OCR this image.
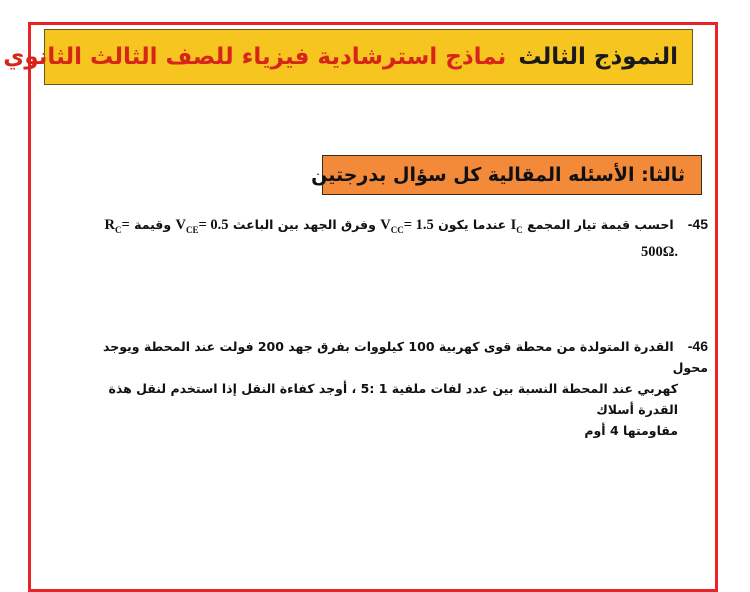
النموذج الثالث
نماذج استرشادية فيزياء للصف الثالث الثانوي
ثالثا: الأسئله المقالية كل سؤال بدرجتين
45- احسب قيمة تيار المجمع $I_C$ عندما يكون $V_{CC}= 1.5$ وفرق الجهد بين الباعث $V_{CE}= 0.5$ وقيمة $R_C=$
500Ω.
46- القدرة المتولدة من محطة قوى كهربية 100 كيلووات بفرق جهد 200 فولت عند المحطة ويوجد محول
كهربي عند المحطة النسبة بين عدد لفات ملفية 1 :5 ، أوجد كفاءة النقل إذا استخدم لنقل هذة القدرة أسلاك
مقاومتها 4 أوم
